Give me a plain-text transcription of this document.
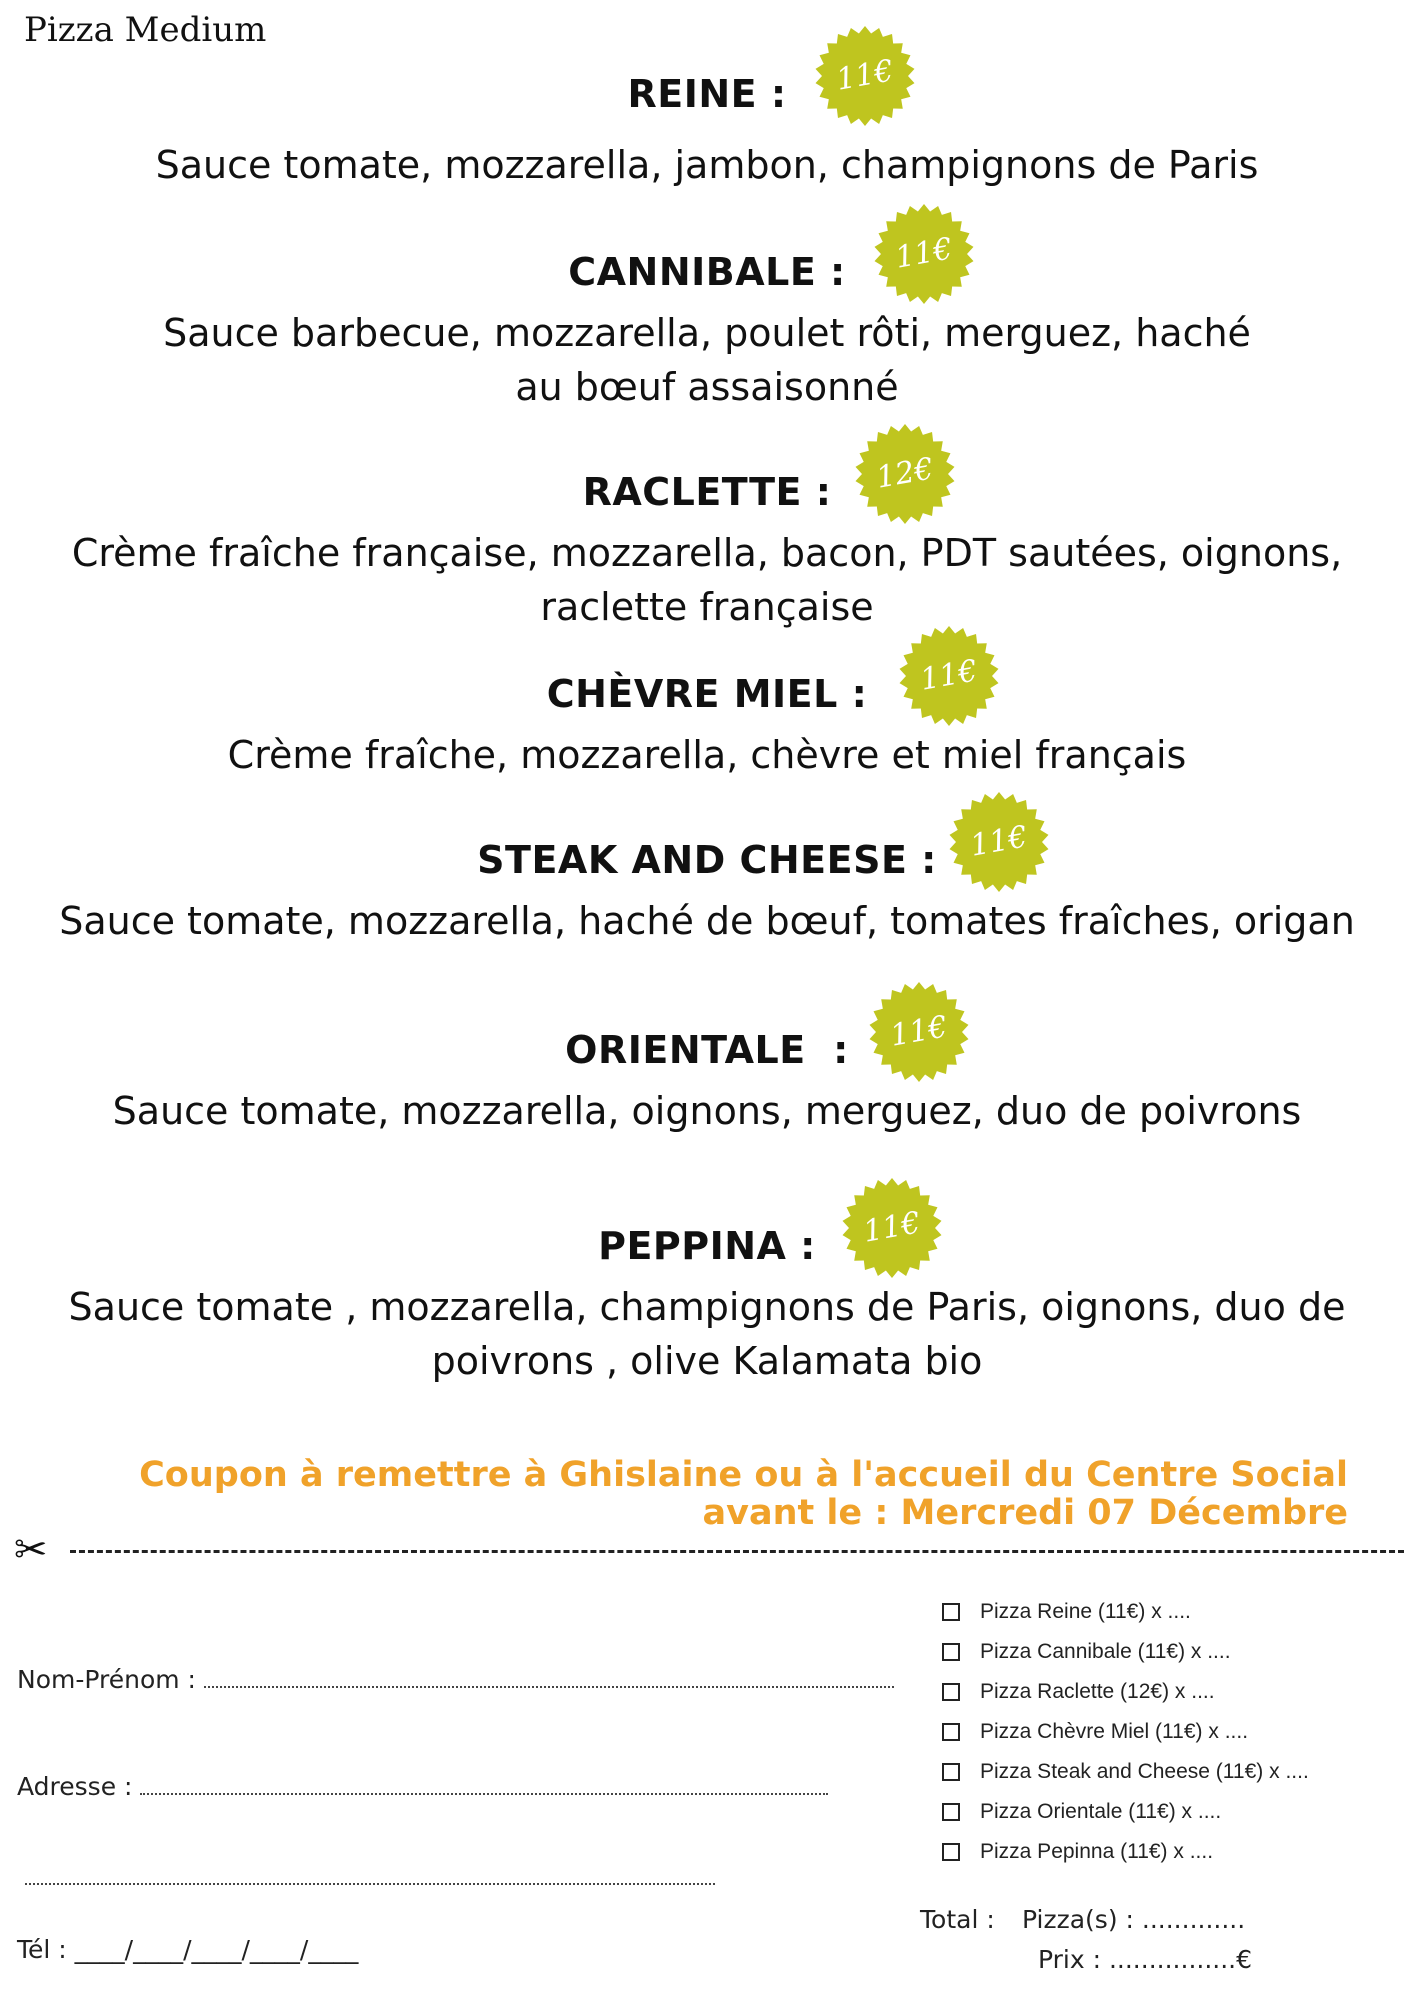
Pizza Medium
REINE :	11€
Sauce tomate, mozzarella, jambon, champignons de Paris
CANNIBALE :	11€
Sauce barbecue, mozzarella, poulet rôti, merguez, haché
au bœuf assaisonné
RACLETTE :	12€
Crème fraîche française, mozzarella, bacon, PDT sautées, oignons,
raclette française
CHÈVRE MIEL :	11€
Crème fraîche, mozzarella, chèvre et miel français
STEAK AND CHEESE :	11€
Sauce tomate, mozzarella, haché de bœuf, tomates fraîches, origan
ORIENTALE  :	11€
Sauce tomate, mozzarella, oignons, merguez, duo de poivrons
PEPPINA :	11€
Sauce tomate , mozzarella, champignons de Paris, oignons, duo de
poivrons , olive Kalamata bio
Coupon à remettre à Ghislaine ou à l'accueil du Centre Social
avant le : Mercredi 07 Décembre
✂
Nom-Prénom :
Adresse :
Tél : ____/____/____/____/____
Pizza Reine (11€) x ....
Pizza Cannibale (11€) x ....
Pizza Raclette (12€) x ....
Pizza Chèvre Miel (11€) x ....
Pizza Steak and Cheese (11€) x ....
Pizza Orientale (11€) x ....
Pizza Pepinna (11€) x ....
Total : Pizza(s) : .............
Prix : ................€
